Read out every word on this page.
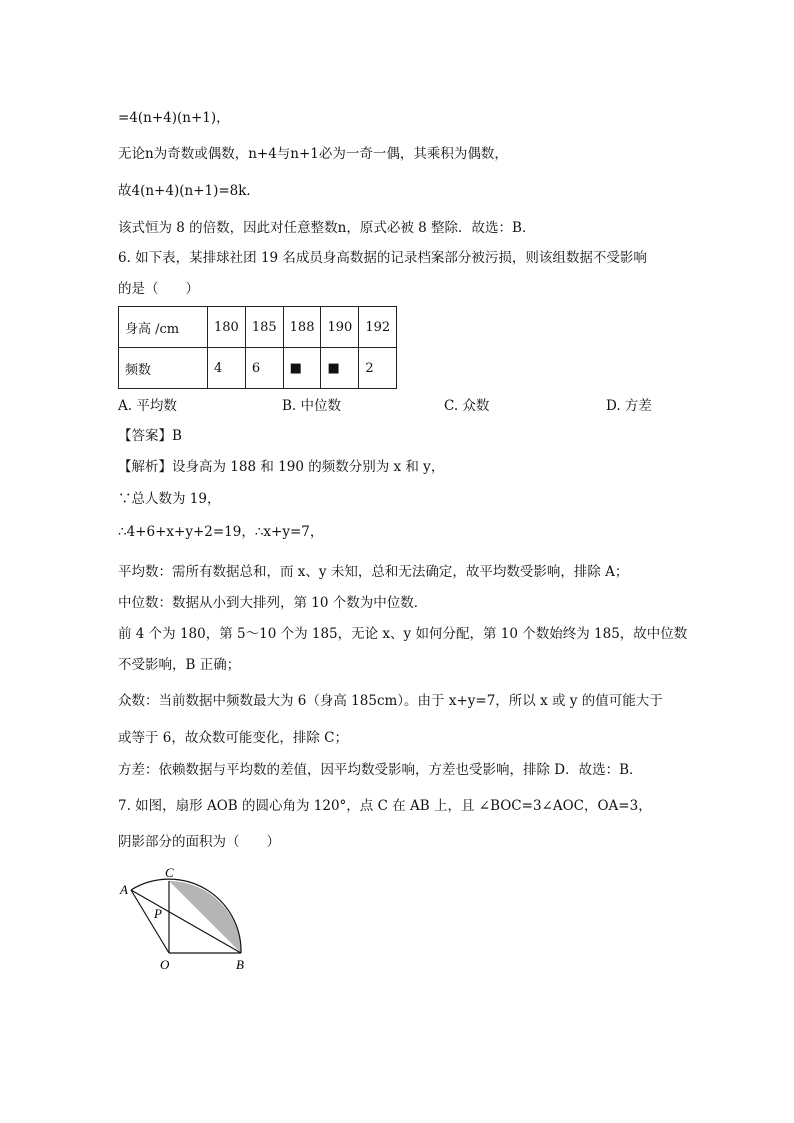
=4(n+4)(n+1)，
无论n为奇数或偶数，n+4与n+1必为一奇一偶，其乘积为偶数，
故4(n+4)(n+1)=8k．
该式恒为 8 的倍数，因此对任意整数n，原式必被 8 整除．故选：B．
6. 如下表，某排球社团 19 名成员身高数据的记录档案部分被污损，则该组数据不受影响
的是（　　）
身高 /cm	180	185	188	190	192
频数	4	6	■	■	2
A. 平均数	B. 中位数	C. 众数	D. 方差
【答案】B
【解析】设身高为 188 和 190 的频数分别为 x 和 y，
∵总人数为 19，
∴4+6+x+y+2=19，∴x+y=7，
平均数：需所有数据总和，而 x、y 未知，总和无法确定，故平均数受影响，排除 A；
中位数：数据从小到大排列，第 10 个数为中位数．
前 4 个为 180，第 5～10 个为 185，无论 x、y 如何分配，第 10 个数始终为 185，故中位数
不受影响，B 正确；
众数：当前数据中频数最大为 6（身高 185cm）。由于 x+y=7，所以 x 或 y 的值可能大于
或等于 6，故众数可能变化，排除 C；
方差：依赖数据与平均数的差值，因平均数受影响，方差也受影响，排除 D．故选：B．
7. 如图，扇形 AOB 的圆心角为 120°，点 C 在 AB 上，且 ∠BOC=3∠AOC，OA=3，
阴影部分的面积为（　　）
A
C
P
O	B
